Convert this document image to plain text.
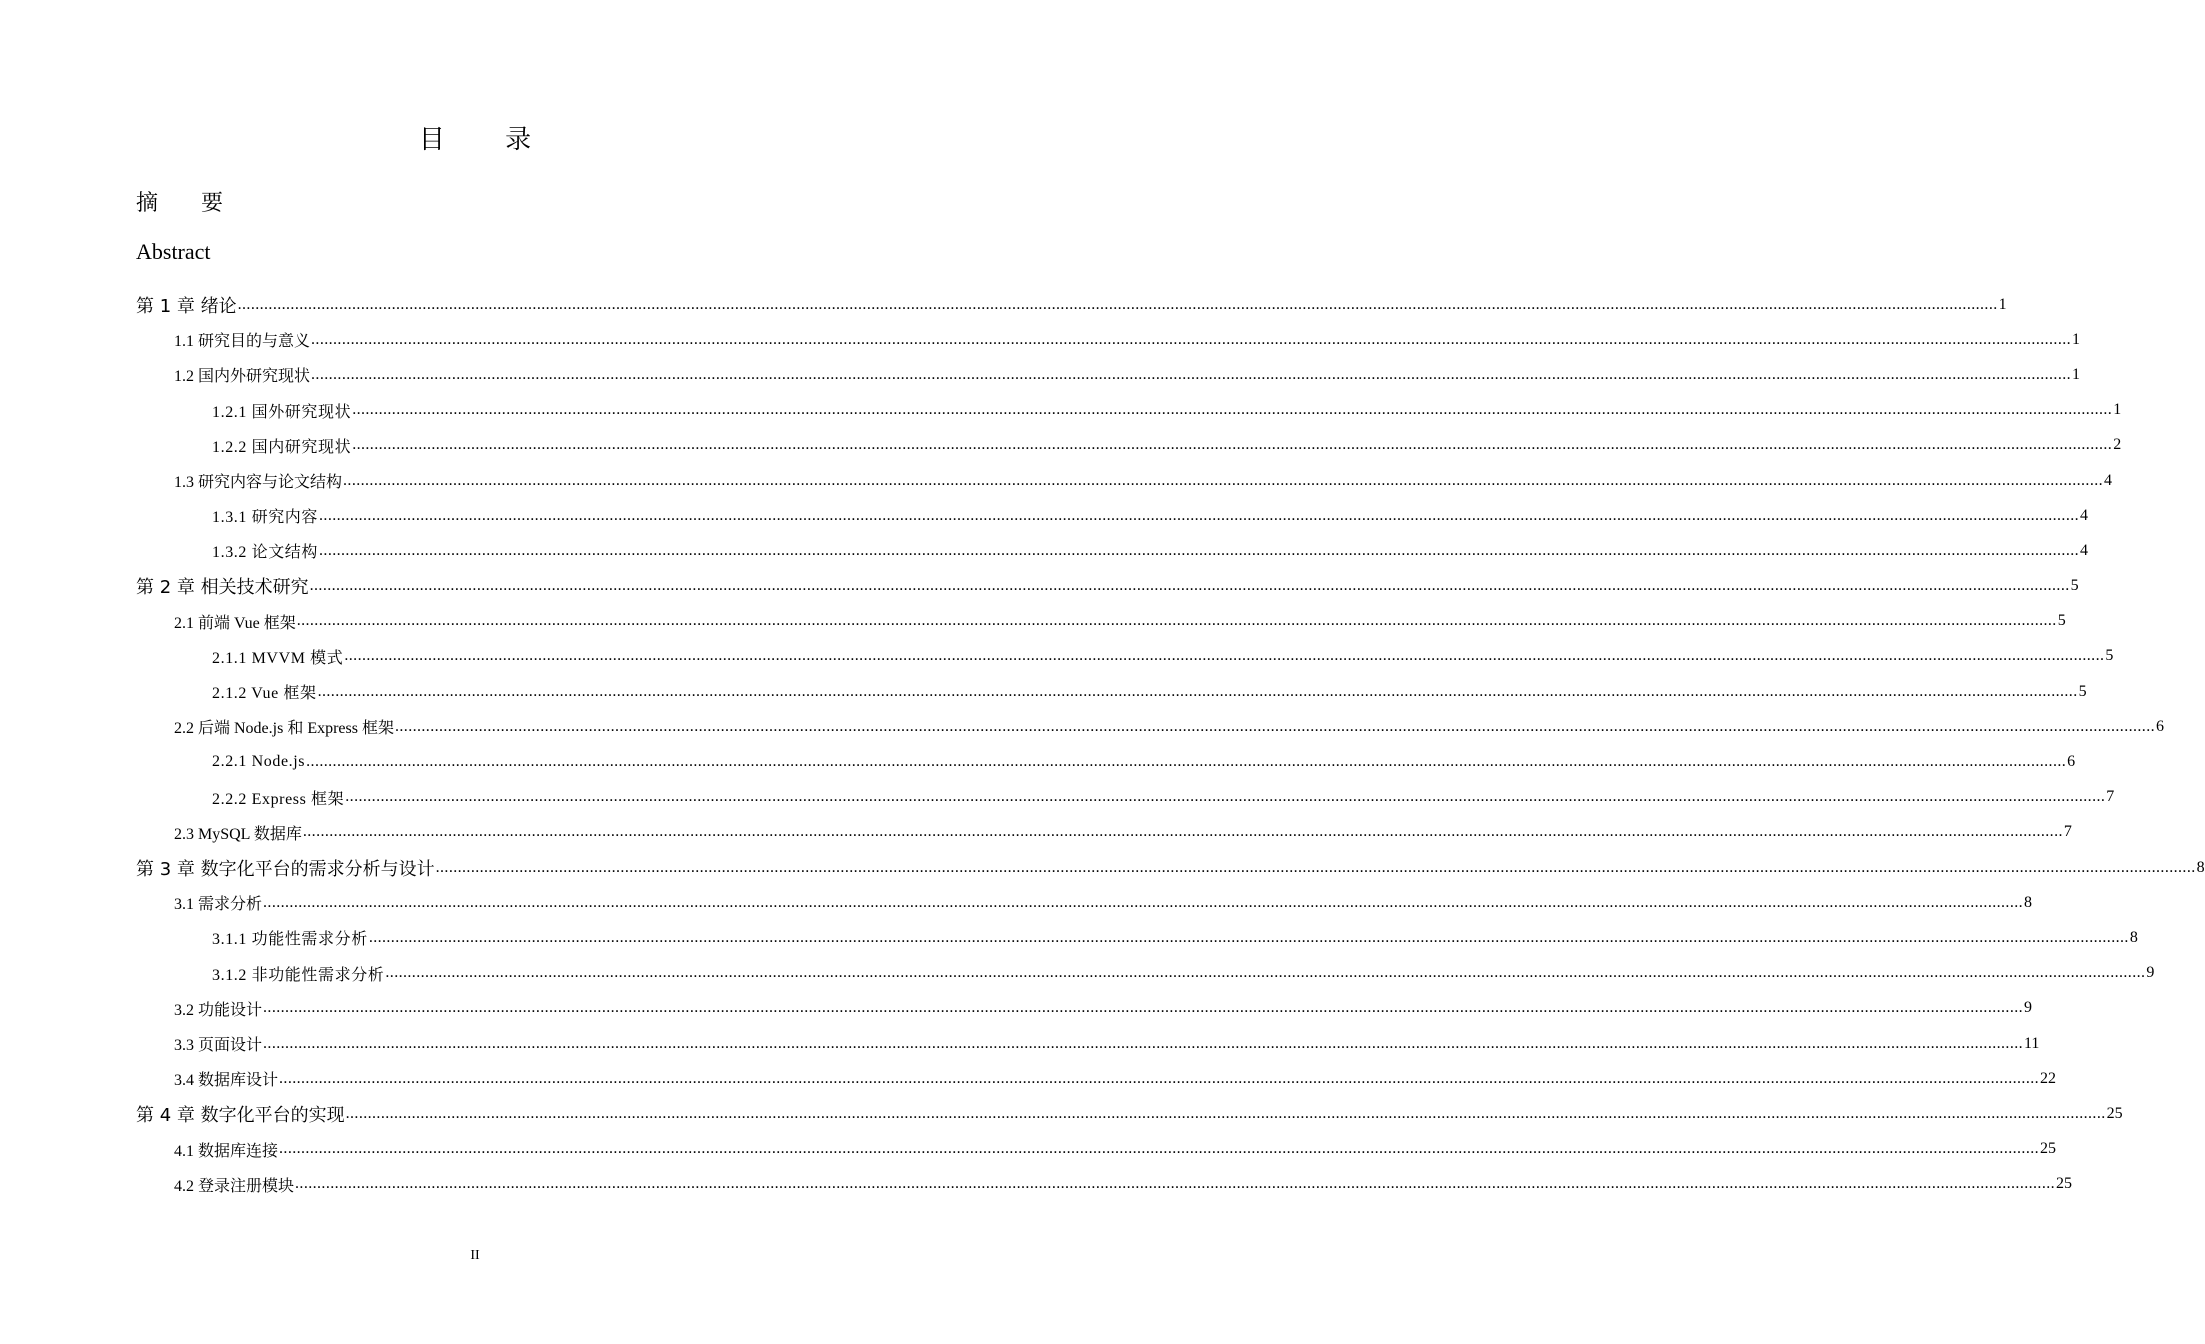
目 录
摘 要
Abstract
第 1 章 绪论 ................................................................................................................................................................................................................................................................................................................................................................................................................ 1
1.1 研究目的与意义 ................................................................................................................................................................................................................................................................................................................................................................................................................ 1
1.2 国内外研究现状 ................................................................................................................................................................................................................................................................................................................................................................................................................ 1
1.2.1 国外研究现状 ................................................................................................................................................................................................................................................................................................................................................................................................................ 1
1.2.2 国内研究现状 ................................................................................................................................................................................................................................................................................................................................................................................................................ 2
1.3 研究内容与论文结构 ................................................................................................................................................................................................................................................................................................................................................................................................................ 4
1.3.1 研究内容 ................................................................................................................................................................................................................................................................................................................................................................................................................ 4
1.3.2 论文结构 ................................................................................................................................................................................................................................................................................................................................................................................................................ 4
第 2 章 相关技术研究 ................................................................................................................................................................................................................................................................................................................................................................................................................ 5
2.1 前端 Vue 框架 ................................................................................................................................................................................................................................................................................................................................................................................................................ 5
2.1.1 MVVM 模式 ................................................................................................................................................................................................................................................................................................................................................................................................................ 5
2.1.2 Vue 框架 ................................................................................................................................................................................................................................................................................................................................................................................................................ 5
2.2 后端 Node.js 和 Express 框架 ................................................................................................................................................................................................................................................................................................................................................................................................................ 6
2.2.1 Node.js ................................................................................................................................................................................................................................................................................................................................................................................................................ 6
2.2.2 Express 框架 ................................................................................................................................................................................................................................................................................................................................................................................................................ 7
2.3 MySQL 数据库 ................................................................................................................................................................................................................................................................................................................................................................................................................ 7
第 3 章 数字化平台的需求分析与设计 ................................................................................................................................................................................................................................................................................................................................................................................................................ 8
3.1 需求分析 ................................................................................................................................................................................................................................................................................................................................................................................................................ 8
3.1.1 功能性需求分析 ................................................................................................................................................................................................................................................................................................................................................................................................................ 8
3.1.2 非功能性需求分析 ................................................................................................................................................................................................................................................................................................................................................................................................................ 9
3.2 功能设计 ................................................................................................................................................................................................................................................................................................................................................................................................................ 9
3.3 页面设计 ................................................................................................................................................................................................................................................................................................................................................................................................................ 11
3.4 数据库设计 ................................................................................................................................................................................................................................................................................................................................................................................................................ 22
第 4 章 数字化平台的实现 ................................................................................................................................................................................................................................................................................................................................................................................................................ 25
4.1 数据库连接 ................................................................................................................................................................................................................................................................................................................................................................................................................ 25
4.2 登录注册模块 ................................................................................................................................................................................................................................................................................................................................................................................................................ 25
II
